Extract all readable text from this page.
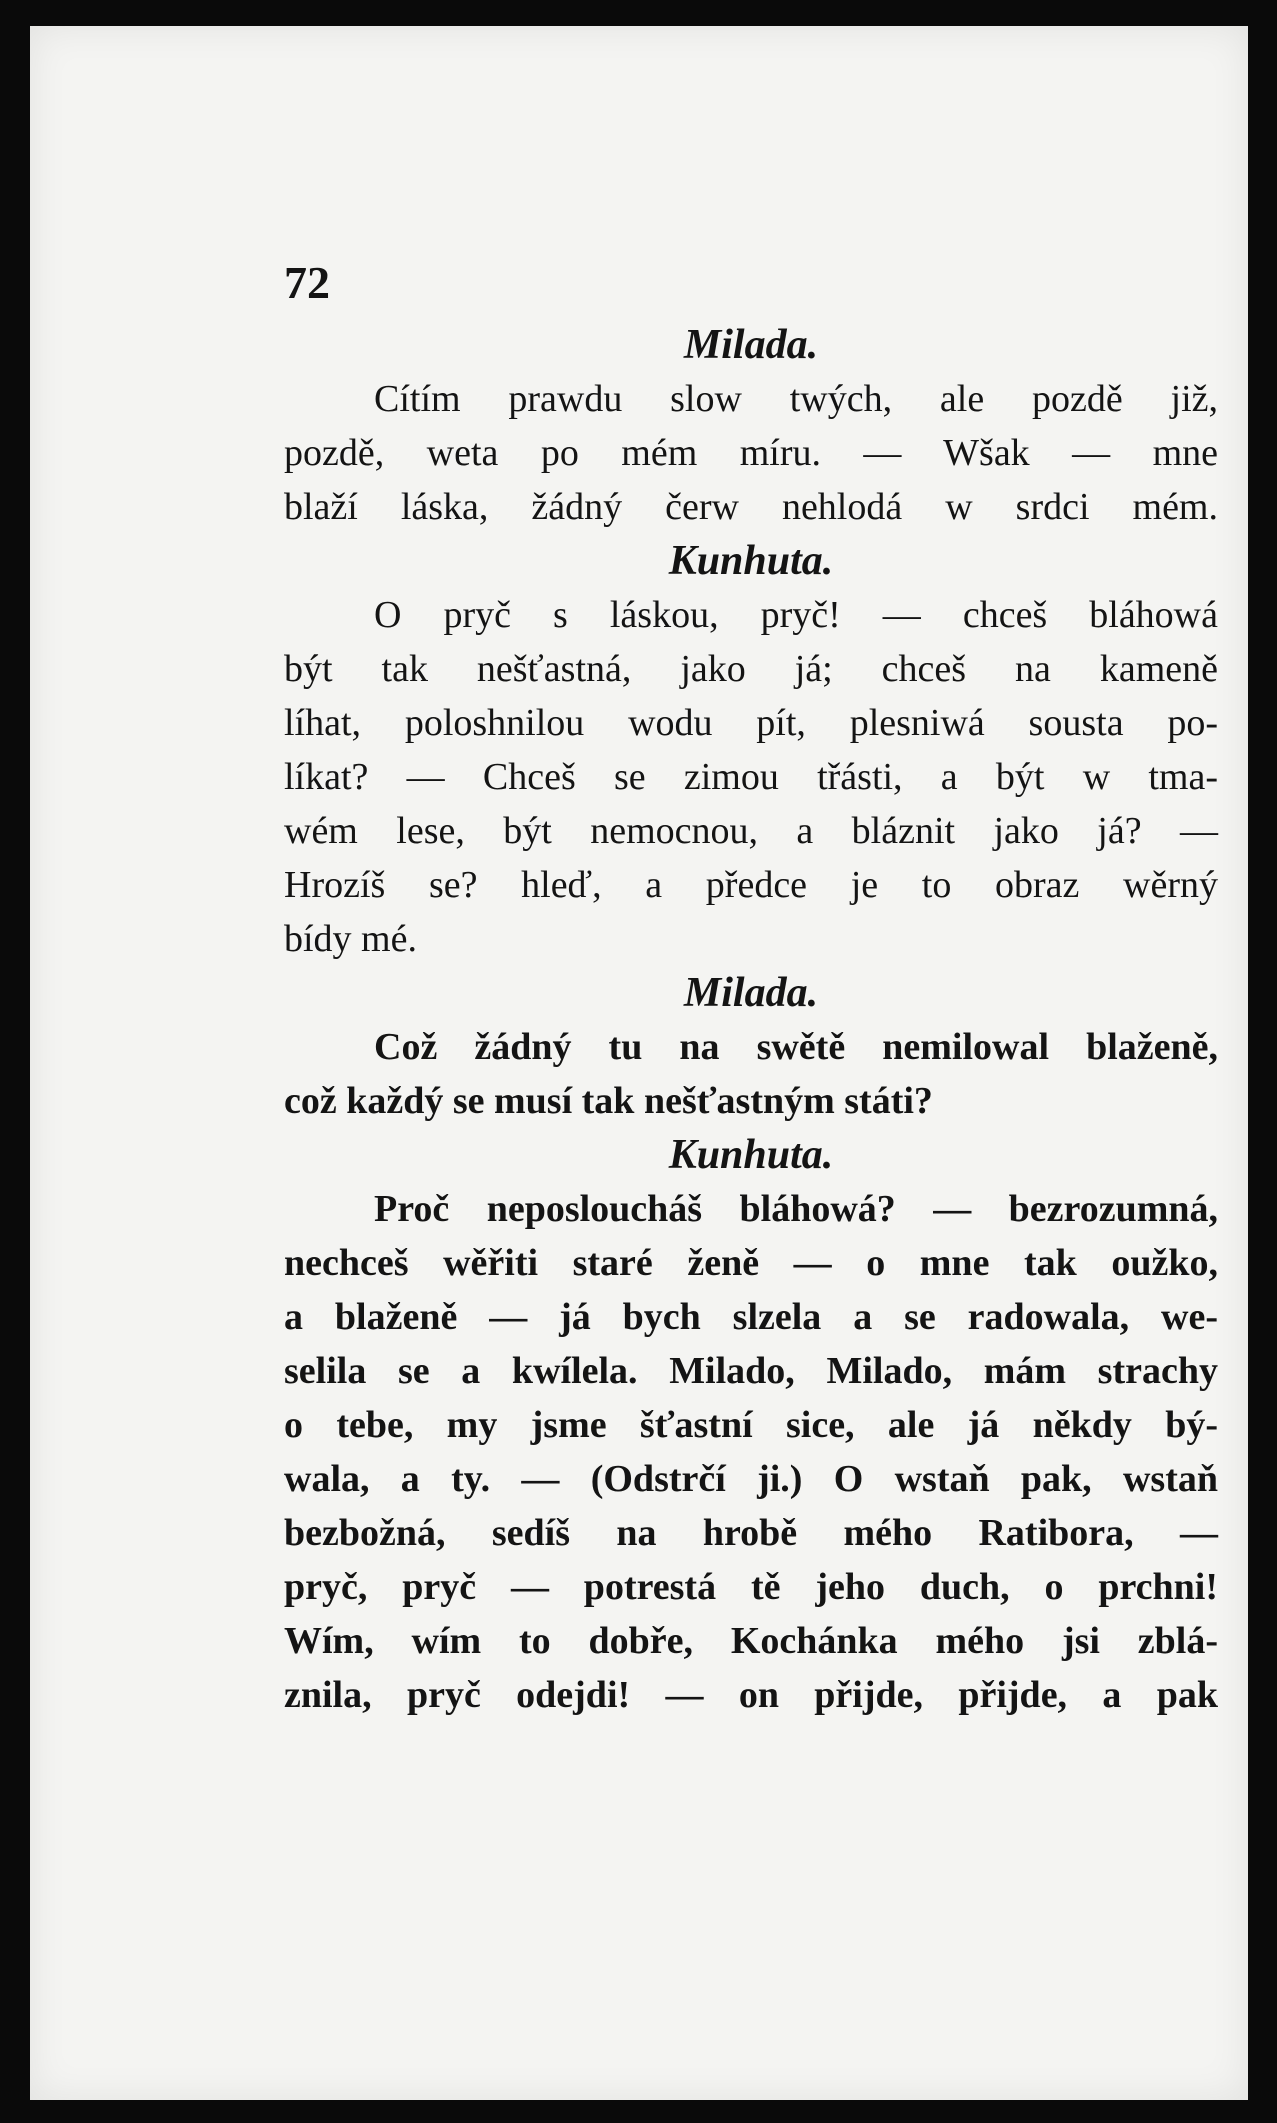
72
Milada.
Cítím prawdu slow twých, ale pozdě již,
pozdě, weta po mém míru. — Wšak — mne
blaží láska, žádný čerw nehlodá w srdci mém.
Kunhuta.
O pryč s láskou, pryč! — chceš bláhowá
být tak nešťastná, jako já; chceš na kameně
líhat, poloshnilou wodu pít, plesniwá sousta po-
líkat? — Chceš se zimou třásti, a být w tma-
wém lese, být nemocnou, a bláznit jako já? —
Hrozíš se? hleď, a předce je to obraz wěrný
bídy mé.
Milada.
Což žádný tu na swětě nemilowal blaženě,
což každý se musí tak nešťastným státi?
Kunhuta.
Proč neposloucháš bláhowá? — bezrozumná,
nechceš wěřiti staré ženě — o mne tak oužko,
a blaženě — já bych slzela a se radowala, we-
selila se a kwílela. Milado, Milado, mám strachy
o tebe, my jsme šťastní sice, ale já někdy bý-
wala, a ty. — (Odstrčí ji.) O wstaň pak, wstaň
bezbožná, sedíš na hrobě mého Ratibora, —
pryč, pryč — potrestá tě jeho duch, o prchni!
Wím, wím to dobře, Kochánka mého jsi zblá-
znila, pryč odejdi! — on přijde, přijde, a pak
